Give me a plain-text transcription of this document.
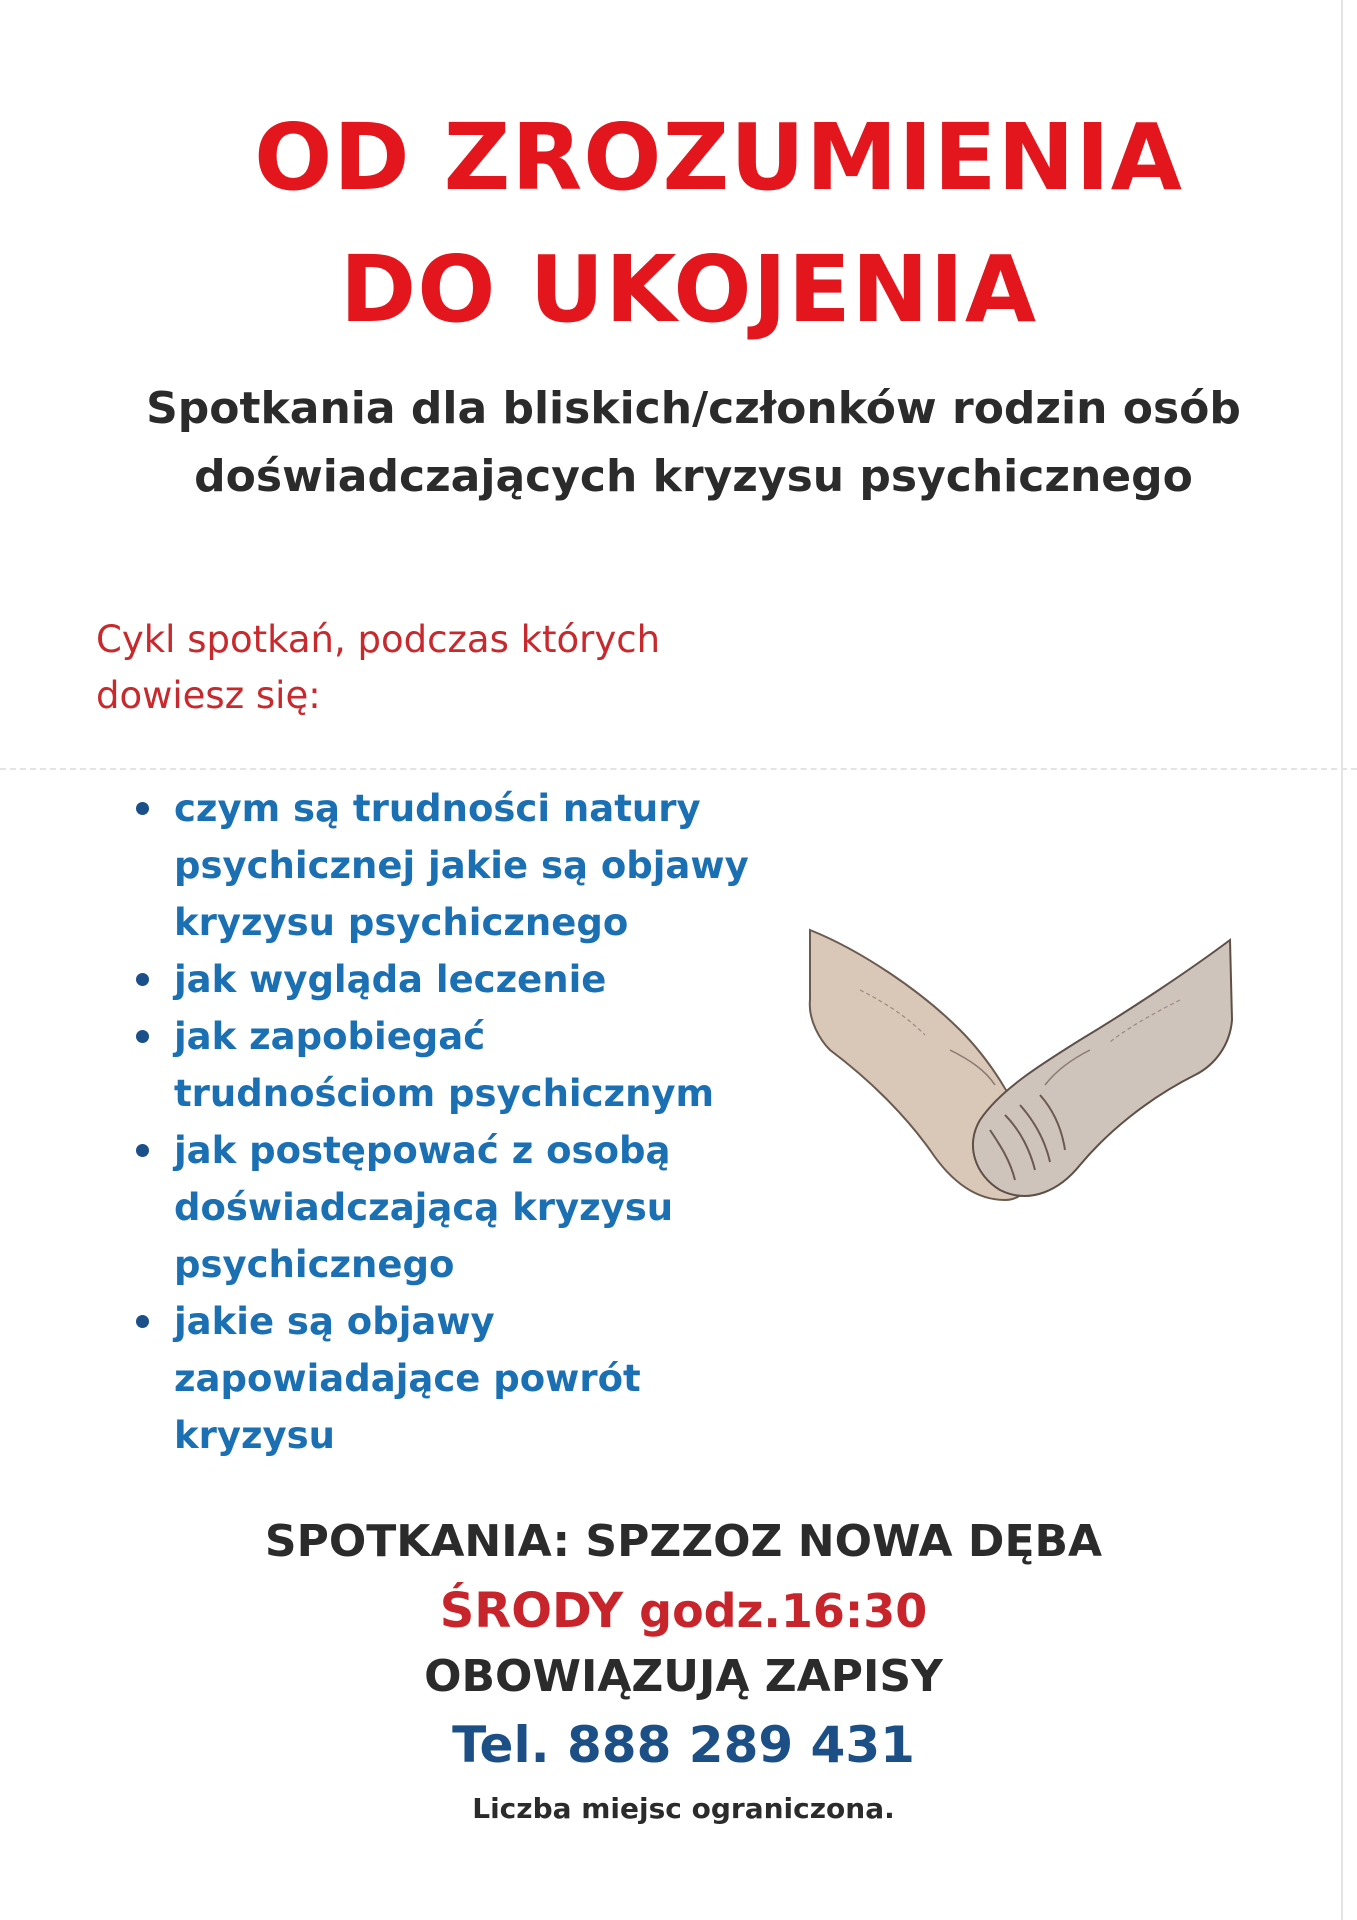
OD ZROZUMIENIA
DO UKOJENIA
Spotkania dla bliskich/członków rodzin osób
doświadczających kryzysu psychicznego
Cykl spotkań, podczas których
dowiesz się:
czym są trudności natury
psychicznej jakie są objawy
kryzysu psychicznego
jak wygląda leczenie
jak zapobiegać
trudnościom psychicznym
jak postępować z osobą
doświadczającą kryzysu
psychicznego
jakie są objawy
zapowiadające powrót
kryzysu
SPOTKANIA: SPZZOZ NOWA DĘBA
ŚRODY godz.16:30
OBOWIĄZUJĄ ZAPISY
Tel. 888 289 431
Liczba miejsc ograniczona.
